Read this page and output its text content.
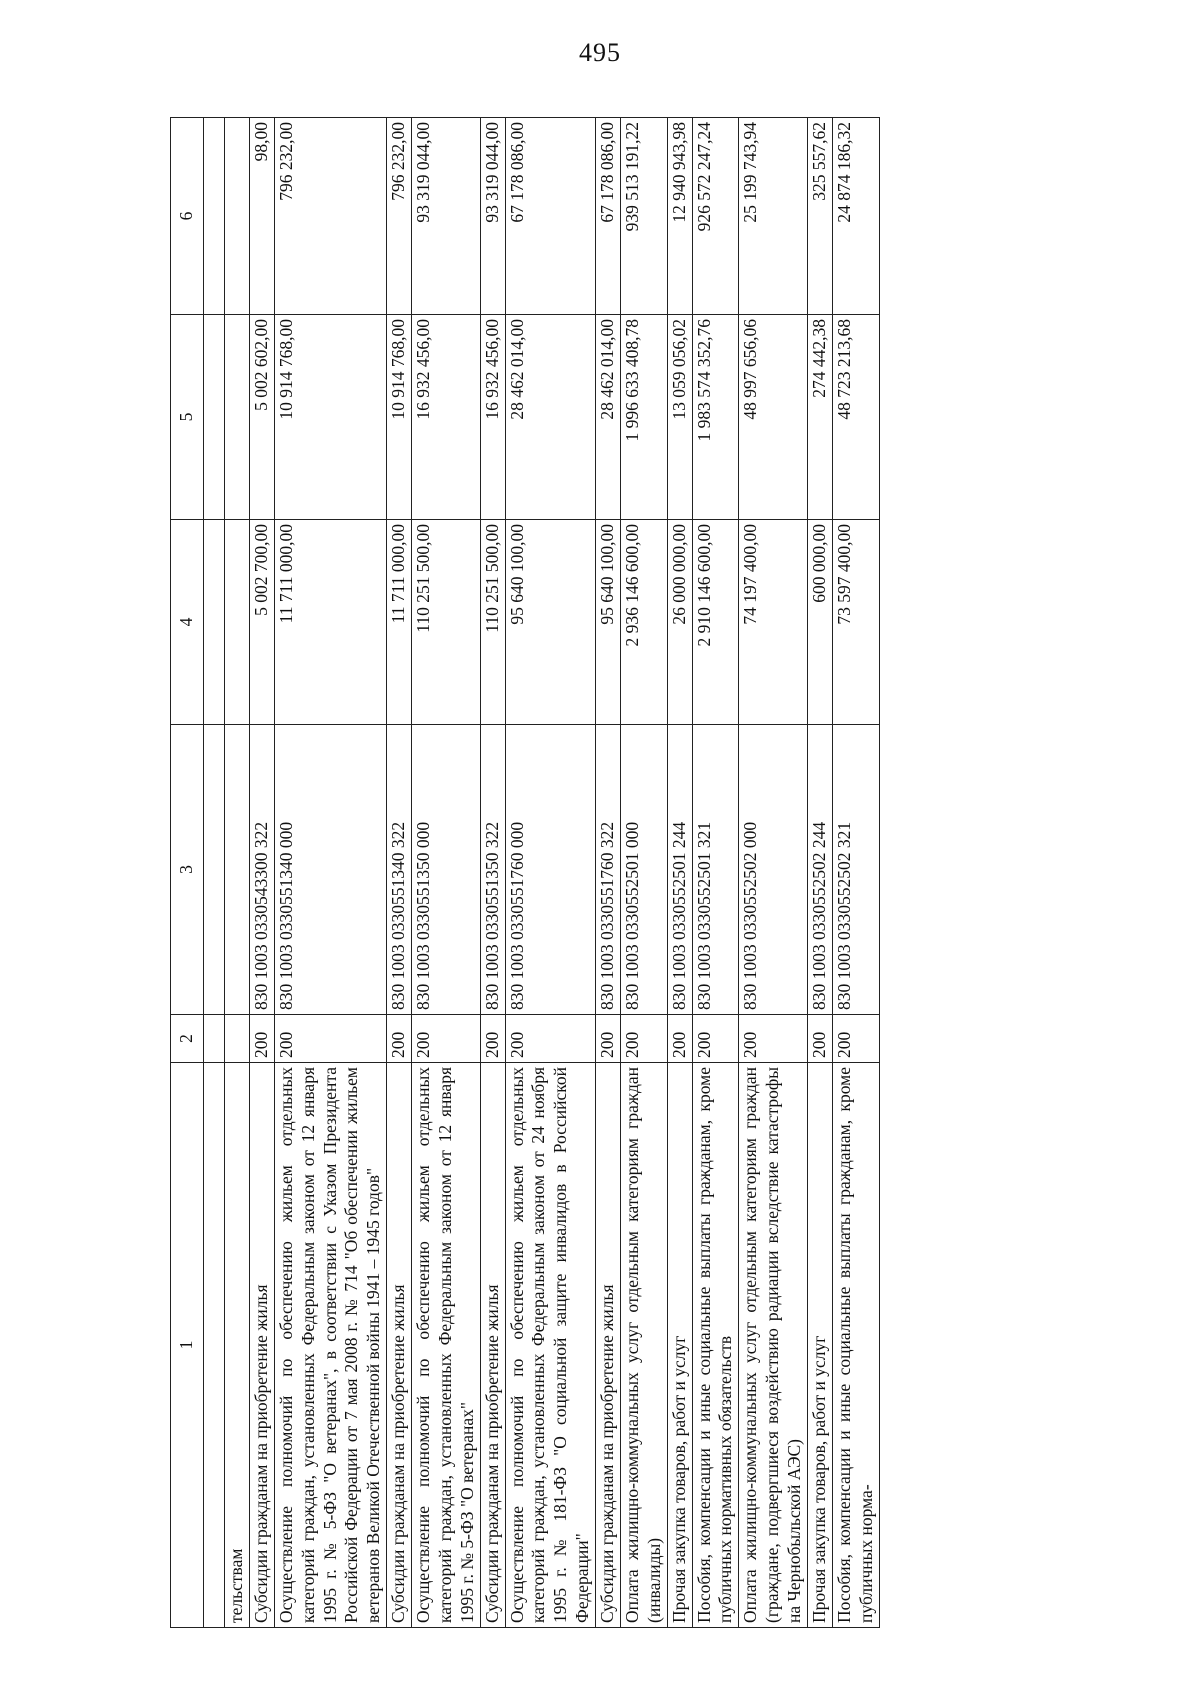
495
1	2	3	4	5	6

тельствам					
Субсидии гражданам на приобретение жилья	200	830 1003 0330543300 322	5 002 700,00	5 002 602,00	98,00
Осуществление полномочий по обеспечению жильем отдельных категорий граждан, установленных Федеральным законом от 12 января 1995 г. № 5-ФЗ "О ветеранах", в соответствии с Указом Президента Российской Федерации от 7 мая 2008 г. № 714 "Об обеспечении жильем ветеранов Великой Отечественной войны 1941 – 1945 годов"	200	830 1003 0330551340 000	11 711 000,00	10 914 768,00	796 232,00
Субсидии гражданам на приобретение жилья	200	830 1003 0330551340 322	11 711 000,00	10 914 768,00	796 232,00
Осуществление полномочий по обеспечению жильем отдельных категорий граждан, установленных Федеральным законом от 12 января 1995 г. № 5-ФЗ "О ветеранах"	200	830 1003 0330551350 000	110 251 500,00	16 932 456,00	93 319 044,00
Субсидии гражданам на приобретение жилья	200	830 1003 0330551350 322	110 251 500,00	16 932 456,00	93 319 044,00
Осуществление полномочий по обеспечению жильем отдельных категорий граждан, установленных Федеральным законом от 24 ноября 1995 г. № 181-ФЗ "О социальной защите инвалидов в Российской Федерации"	200	830 1003 0330551760 000	95 640 100,00	28 462 014,00	67 178 086,00
Субсидии гражданам на приобретение жилья	200	830 1003 0330551760 322	95 640 100,00	28 462 014,00	67 178 086,00
Оплата жилищно-коммунальных услуг отдельным категориям граждан (инвалиды)	200	830 1003 0330552501 000	2 936 146 600,00	1 996 633 408,78	939 513 191,22
Прочая закупка товаров, работ и услуг	200	830 1003 0330552501 244	26 000 000,00	13 059 056,02	12 940 943,98
Пособия, компенсации и иные социальные выплаты гражданам, кроме публичных нормативных обязательств	200	830 1003 0330552501 321	2 910 146 600,00	1 983 574 352,76	926 572 247,24
Оплата жилищно-коммунальных услуг отдельным категориям граждан (граждане, подвергшиеся воздействию радиации вследствие катастрофы на Чернобыльской АЭС)	200	830 1003 0330552502 000	74 197 400,00	48 997 656,06	25 199 743,94
Прочая закупка товаров, работ и услуг	200	830 1003 0330552502 244	600 000,00	274 442,38	325 557,62
Пособия, компенсации и иные социальные выплаты гражданам, кроме публичных норма-	200	830 1003 0330552502 321	73 597 400,00	48 723 213,68	24 874 186,32
